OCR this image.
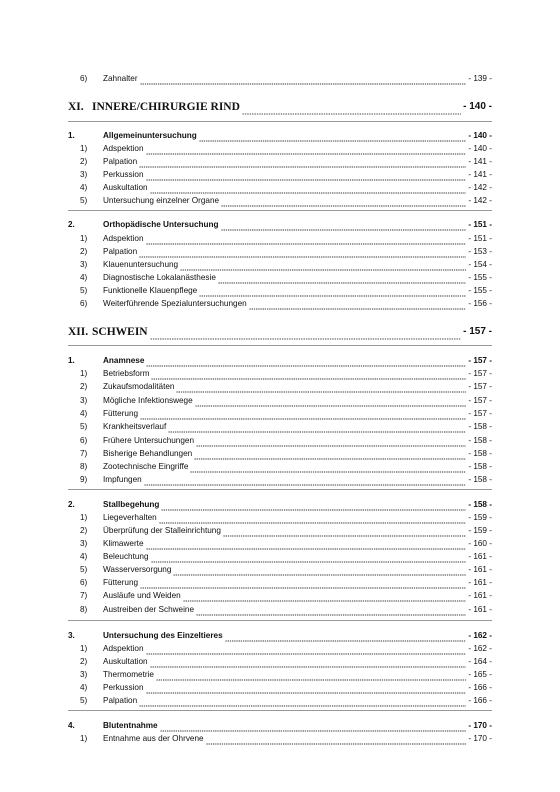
6)	Zahnalter	- 139 -
XI. INNERE/CHIRURGIE RIND	- 140 -
1.	Allgemeinuntersuchung	- 140 -
1)	Adspektion	- 140 -
2)	Palpation	- 141 -
3)	Perkussion	- 141 -
4)	Auskultation	- 142 -
5)	Untersuchung einzelner Organe	- 142 -
2.	Orthopädische Untersuchung	- 151 -
1)	Adspektion	- 151 -
2)	Palpation	- 153 -
3)	Klauenuntersuchung	- 154 -
4)	Diagnostische Lokalanästhesie	- 155 -
5)	Funktionelle Klauenpflege	- 155 -
6)	Weiterführende Spezialuntersuchungen	- 156 -
XII. SCHWEIN	- 157 -
1.	Anamnese	- 157 -
1)	Betriebsform	- 157 -
2)	Zukaufsmodalitäten	- 157 -
3)	Mögliche Infektionswege	- 157 -
4)	Fütterung	- 157 -
5)	Krankheitsverlauf	- 158 -
6)	Frühere Untersuchungen	- 158 -
7)	Bisherige Behandlungen	- 158 -
8)	Zootechnische Eingriffe	- 158 -
9)	Impfungen	- 158 -
2.	Stallbegehung	- 158 -
1)	Liegeverhalten	- 159 -
2)	Überprüfung der Stalleinrichtung	- 159 -
3)	Klimawerte	- 160 -
4)	Beleuchtung	- 161 -
5)	Wasserversorgung	- 161 -
6)	Fütterung	- 161 -
7)	Ausläufe und Weiden	- 161 -
8)	Austreiben der Schweine	- 161 -
3.	Untersuchung des Einzeltieres	- 162 -
1)	Adspektion	- 162 -
2)	Auskultation	- 164 -
3)	Thermometrie	- 165 -
4)	Perkussion	- 166 -
5)	Palpation	- 166 -
4.	Blutentnahme	- 170 -
1)	Entnahme aus der Ohrvene	- 170 -
